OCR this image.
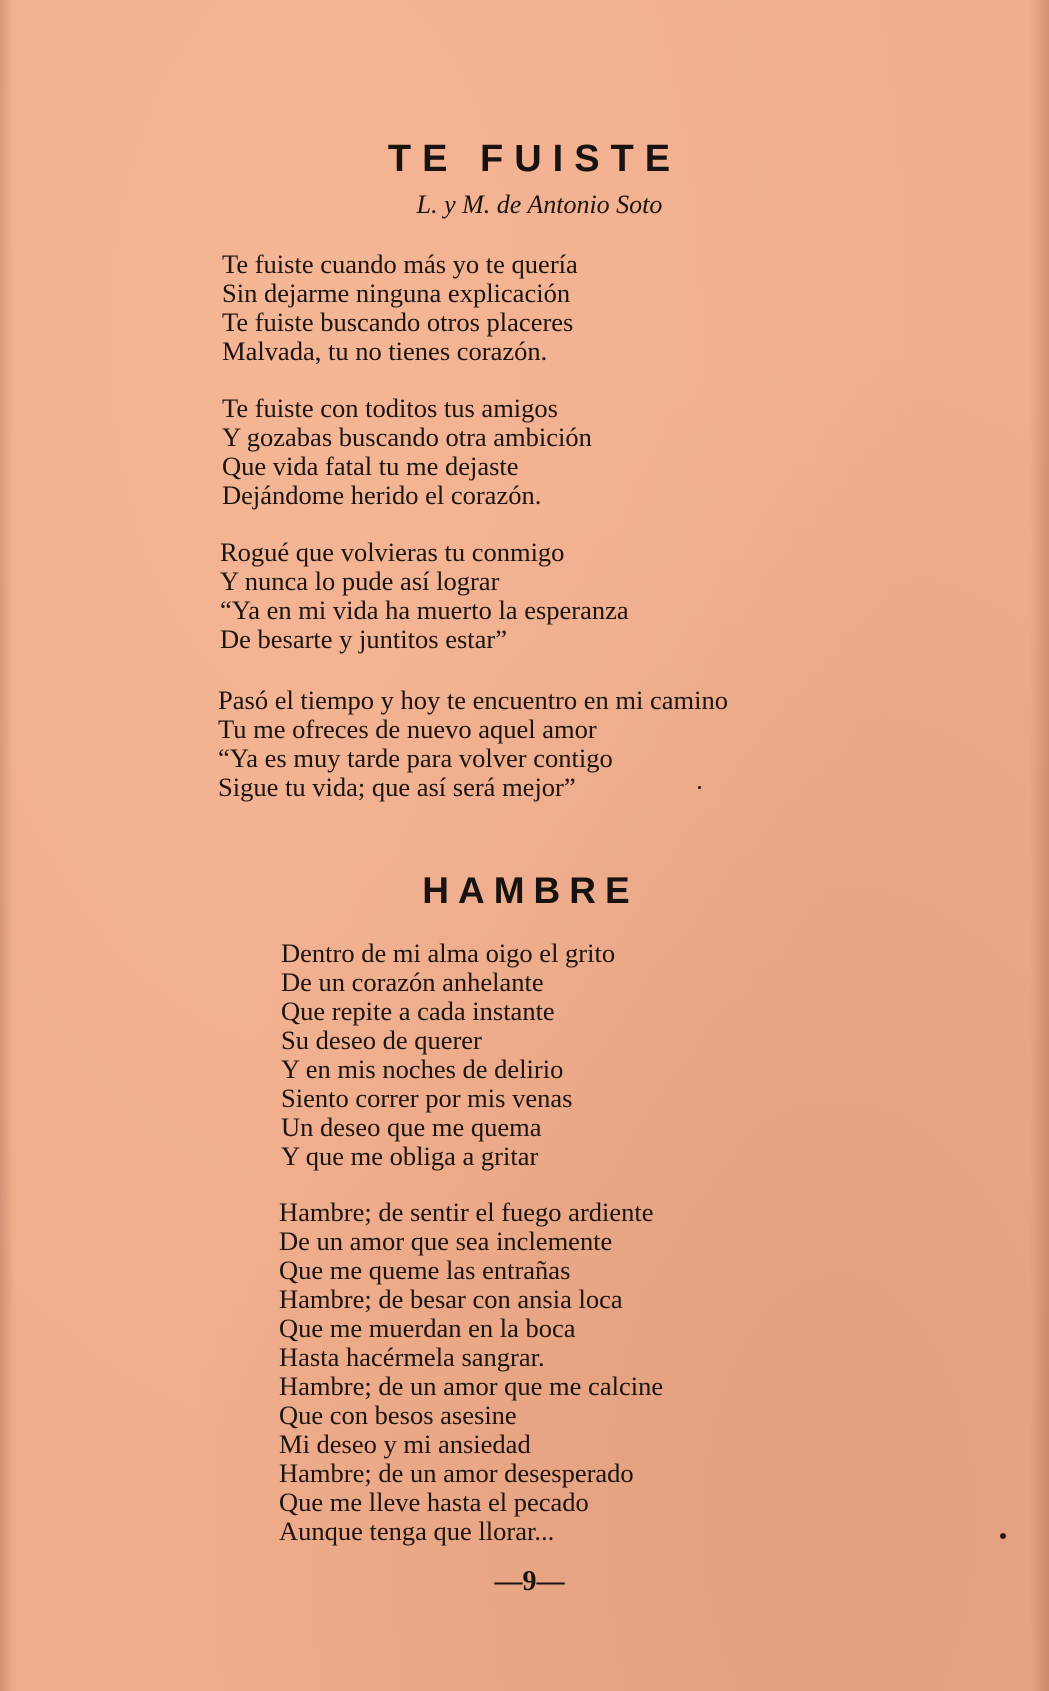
TE FUISTE

L. y M. de Antonio Soto

Te fuiste cuando más yo te quería
Sin dejarme ninguna explicación
Te fuiste buscando otros placeres
Malvada, tu no tienes corazón.
Te fuiste con toditos tus amigos
Y gozabas buscando otra ambición
Que vida fatal tu me dejaste
Dejándome herido el corazón.
Rogué que volvieras tu conmigo
Y nunca lo pude así lograr
“Ya en mi vida ha muerto la esperanza
De besarte y juntitos estar”
Pasó el tiempo y hoy te encuentro en mi camino
Tu me ofreces de nuevo aquel amor
“Ya es muy tarde para volver contigo
Sigue tu vida; que así será mejor”
HAMBRE
Dentro de mi alma oigo el grito
De un corazón anhelante
Que repite a cada instante
Su deseo de querer
Y en mis noches de delirio
Siento correr por mis venas
Un deseo que me quema
Y que me obliga a gritar
Hambre; de sentir el fuego ardiente
De un amor que sea inclemente
Que me queme las entrañas
Hambre; de besar con ansia loca
Que me muerdan en la boca
Hasta hacérmela sangrar.
Hambre; de un amor que me calcine
Que con besos asesine
Mi deseo y mi ansiedad
Hambre; de un amor desesperado
Que me lleve hasta el pecado
Aunque tenga que llorar...

—9—
